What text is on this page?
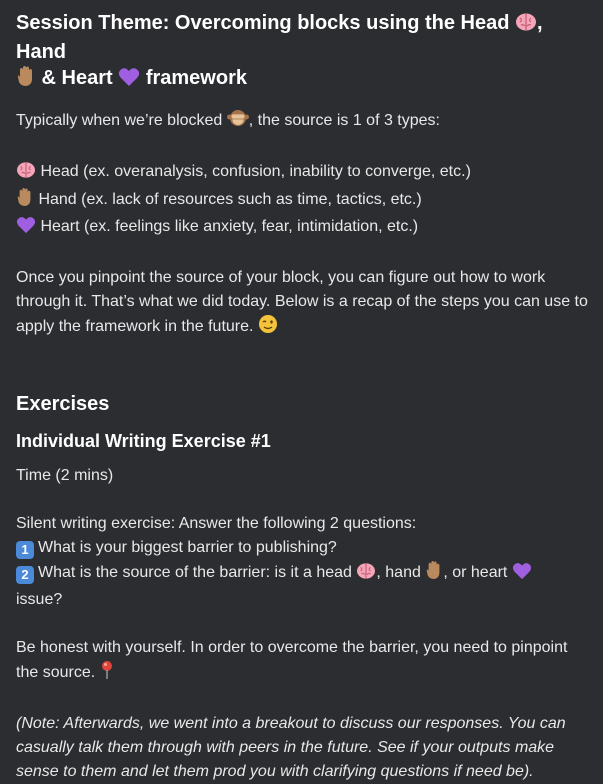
Session Theme: Overcoming blocks using the Head , Hand
& Heart  framework

Typically when we’re blocked , the source is 1 of 3 types:

Head (ex. overanalysis, confusion, inability to converge, etc.)

Hand (ex. lack of resources such as time, tactics, etc.)

Heart (ex. feelings like anxiety, fear, intimidation, etc.)

Once you pinpoint the source of your block, you can figure out how to work through it. That’s what we did today. Below is a recap of the steps you can use to apply the framework in the future.

Exercises
Individual Writing Exercise #1

Time (2 mins)

Silent writing exercise: Answer the following 2 questions:

1 What is your biggest barrier to publishing?

2 What is the source of the barrier: is it a head , hand , or heart
issue?

Be honest with yourself. In order to overcome the barrier, you need to pinpoint the source.

(Note: Afterwards, we went into a breakout to discuss our responses. You can casually talk them through with peers in the future. See if your outputs make sense to them and let them prod you with clarifying questions if need be).
